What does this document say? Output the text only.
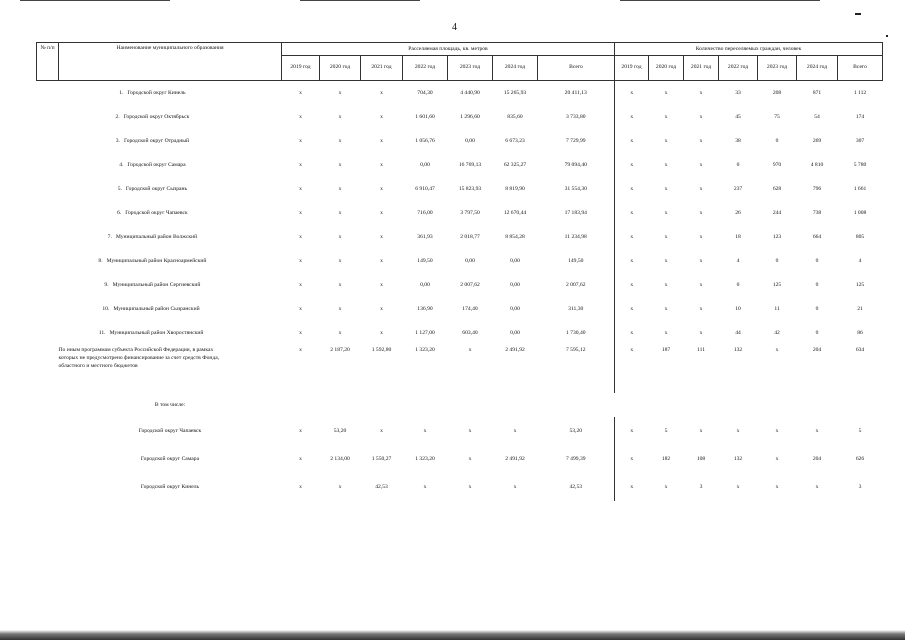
4
№ п/п	Наименование муниципального образования	Расселяемая площадь, кв. метров	Количество переселяемых граждан, человек
2019 год	2020 год	2021 год	2022 год	2023 год	2024 год	Всего	2019 год	2020 год	2021 год	2022 год	2023 год	2024 год	Всего
	1. Городской округ Кинель	х	х	х	704,30	4 440,90	15 265,93	20 411,13	х	х	х	33	208	871	1 112
	2. Городской округ Октябрьск	х	х	х	1 601,60	1 296,60	835,60	3 733,80	х	х	х	45	75	54	174
	3. Городской округ Отрадный	х	х	х	1 056,76	0,00	6 673,23	7 729,99	х	х	х	38	0	269	307
	4. Городской округ Самара	х	х	х	0,00	16 769,13	62 325,27	79 094,40	х	х	х	0	970	4 810	5 780
	5. Городской округ Сызрань	х	х	х	6 910,47	15 823,93	8 819,90	31 554,30	х	х	х	237	628	796	1 661
	6. Городской округ Чапаевск	х	х	х	716,00	3 797,50	12 670,44	17 183,94	х	х	х	26	244	738	1 008
	7. Муниципальный район Волжский	х	х	х	361,93	2 018,77	8 854,28	11 234,98	х	х	х	18	123	664	805
	8. Муниципальный район Красноармейский	х	х	х	149,50	0,00	0,00	149,50	х	х	х	4	0	0	4
	9. Муниципальный район Сергиевский	х	х	х	0,00	2 007,62	0,00	2 007,62	х	х	х	0	125	0	125
	10. Муниципальный район Сызранский	х	х	х	136,90	174,40	0,00	311,30	х	х	х	10	11	0	21
	11. Муниципальный район Хворостянский	х	х	х	1 127,00	603,40	0,00	1 730,40	х	х	х	44	42	0	86

По иным программам субъекта Российской Федерации, в рамках
которых не предусмотрено финансирование за счет средств Фонда,
областного и местного бюджетов	х	2 187,20	1 592,80	1 323,20	х	2 491,92	7 595,12	х	187	111	132	х	204	634
	В том числе:	
	Городской округ Чапаевск	х	53,20	х	х	х	х	53,20	х	5	х	х	х	х	5
	Городской округ Самара	х	2 134,00	1 550,27	1 323,20	х	2 491,92	7 499,39	х	182	108	132	х	204	626
	Городской округ Кинель	х	х	42,53	х	х	х	42,53	х	х	3	х	х	х	3
